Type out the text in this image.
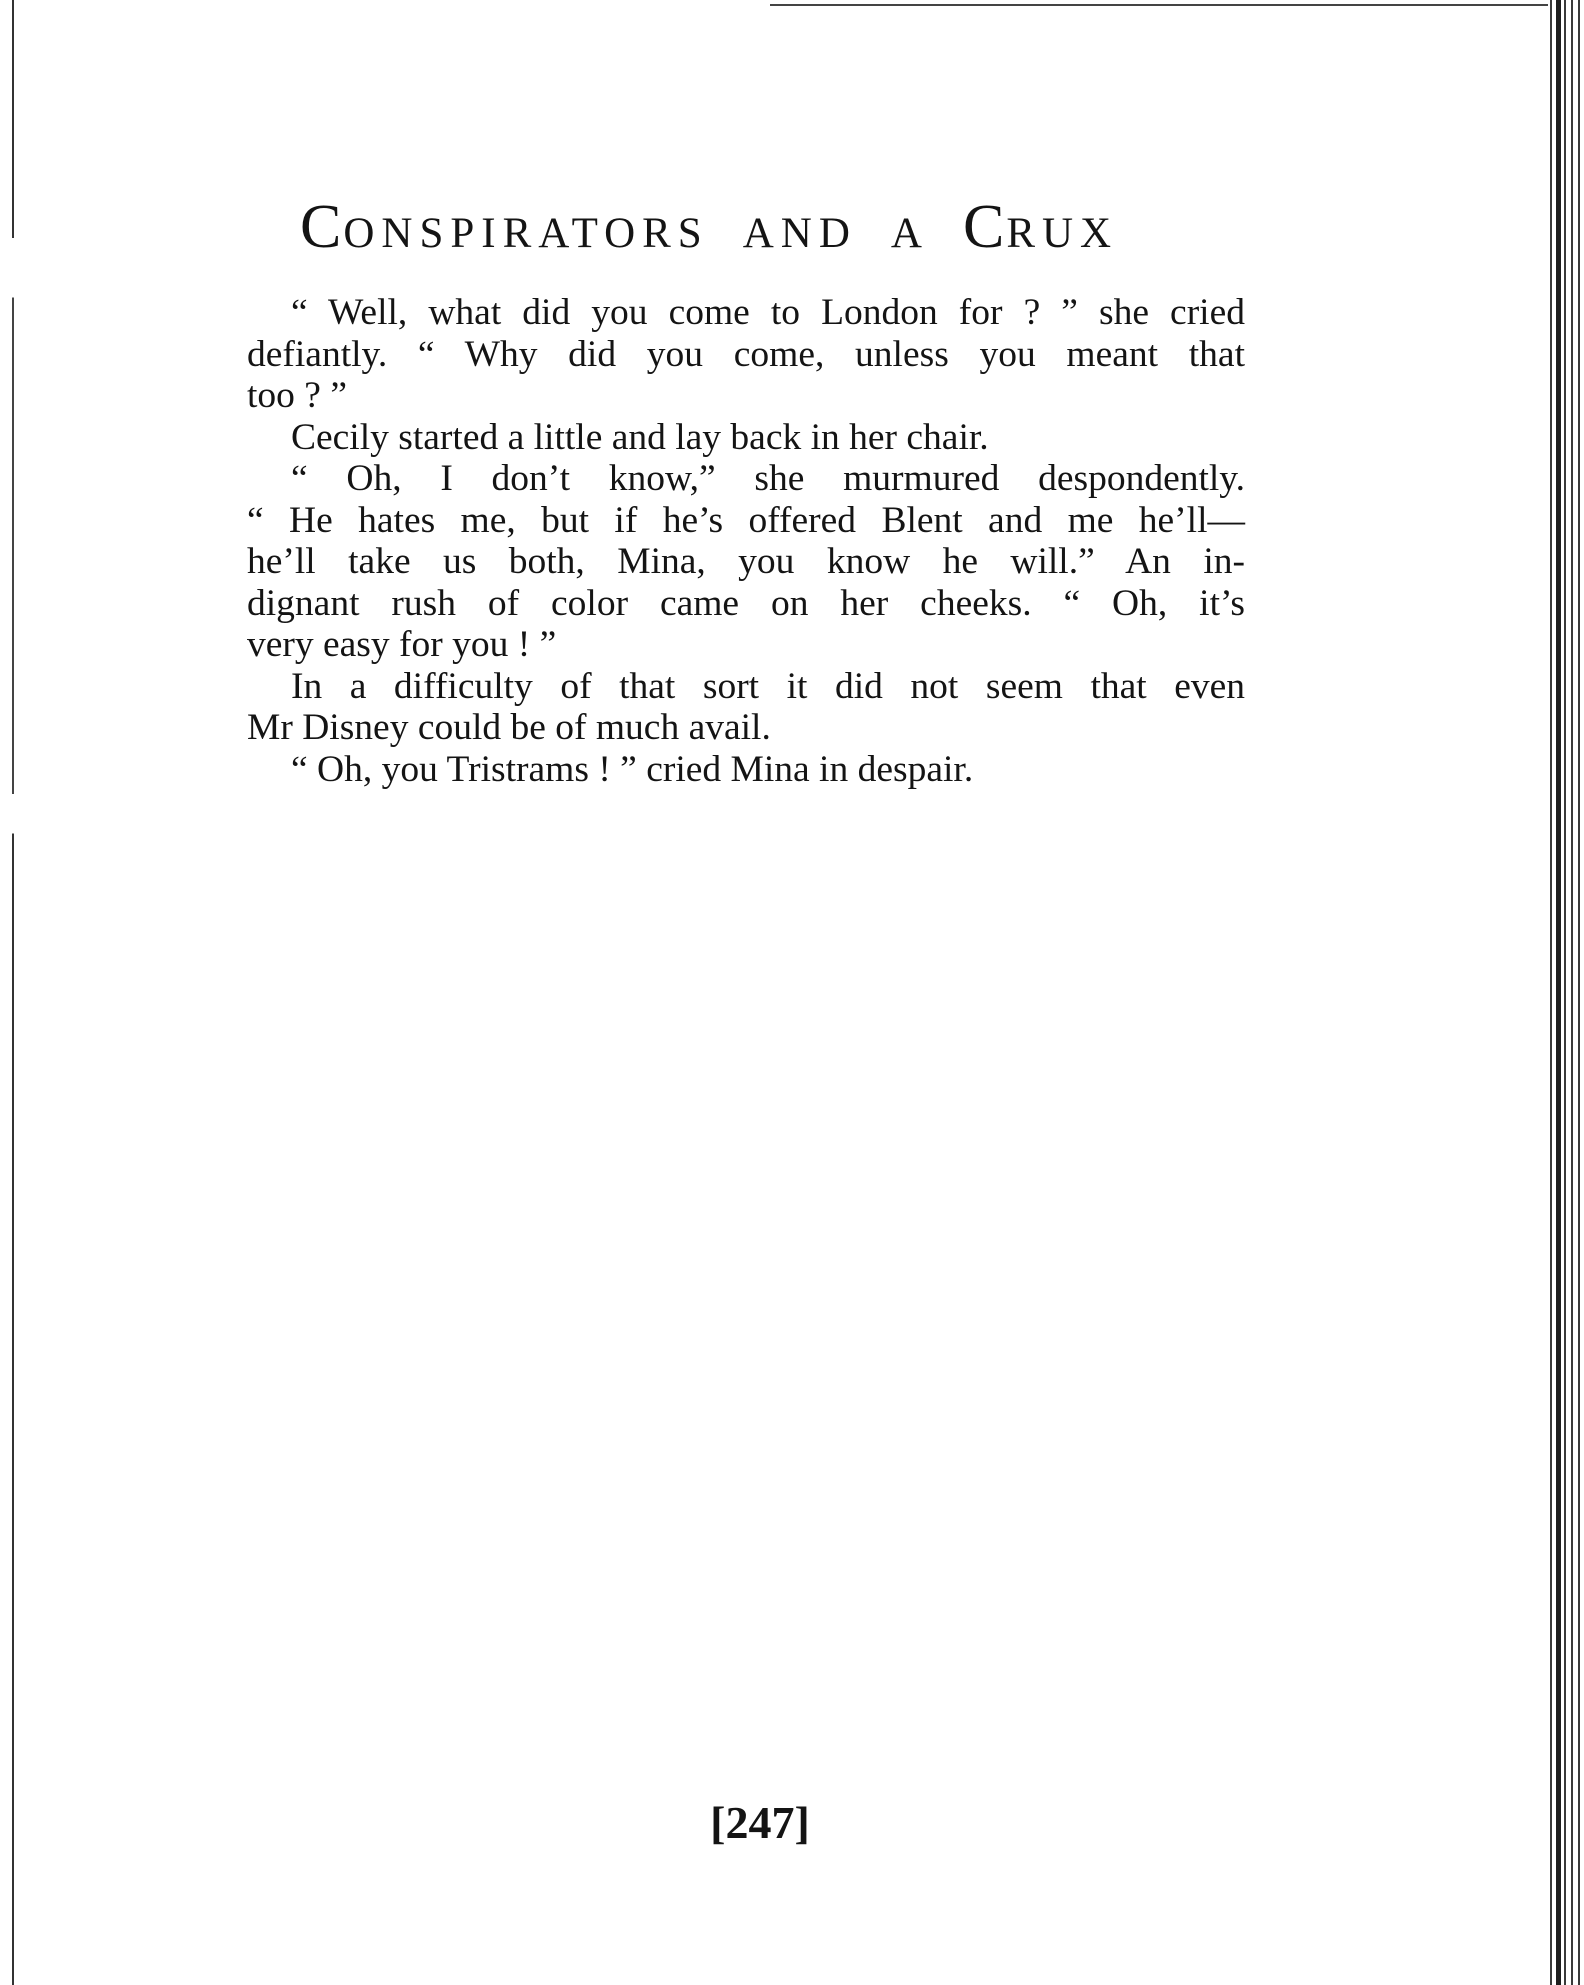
Conspirators and a Crux
“ Well, what did you come to London for ? ” she cried
defiantly. “ Why did you come, unless you meant that
too ? ”
Cecily started a little and lay back in her chair.
“ Oh, I don’t know,” she murmured despondently.
“ He hates me, but if he’s offered Blent and me he’ll—
he’ll take us both, Mina, you know he will.” An in-
dignant rush of color came on her cheeks. “ Oh, it’s
very easy for you ! ”
In a difficulty of that sort it did not seem that even
Mr Disney could be of much avail.
“ Oh, you Tristrams ! ” cried Mina in despair.
[247]
